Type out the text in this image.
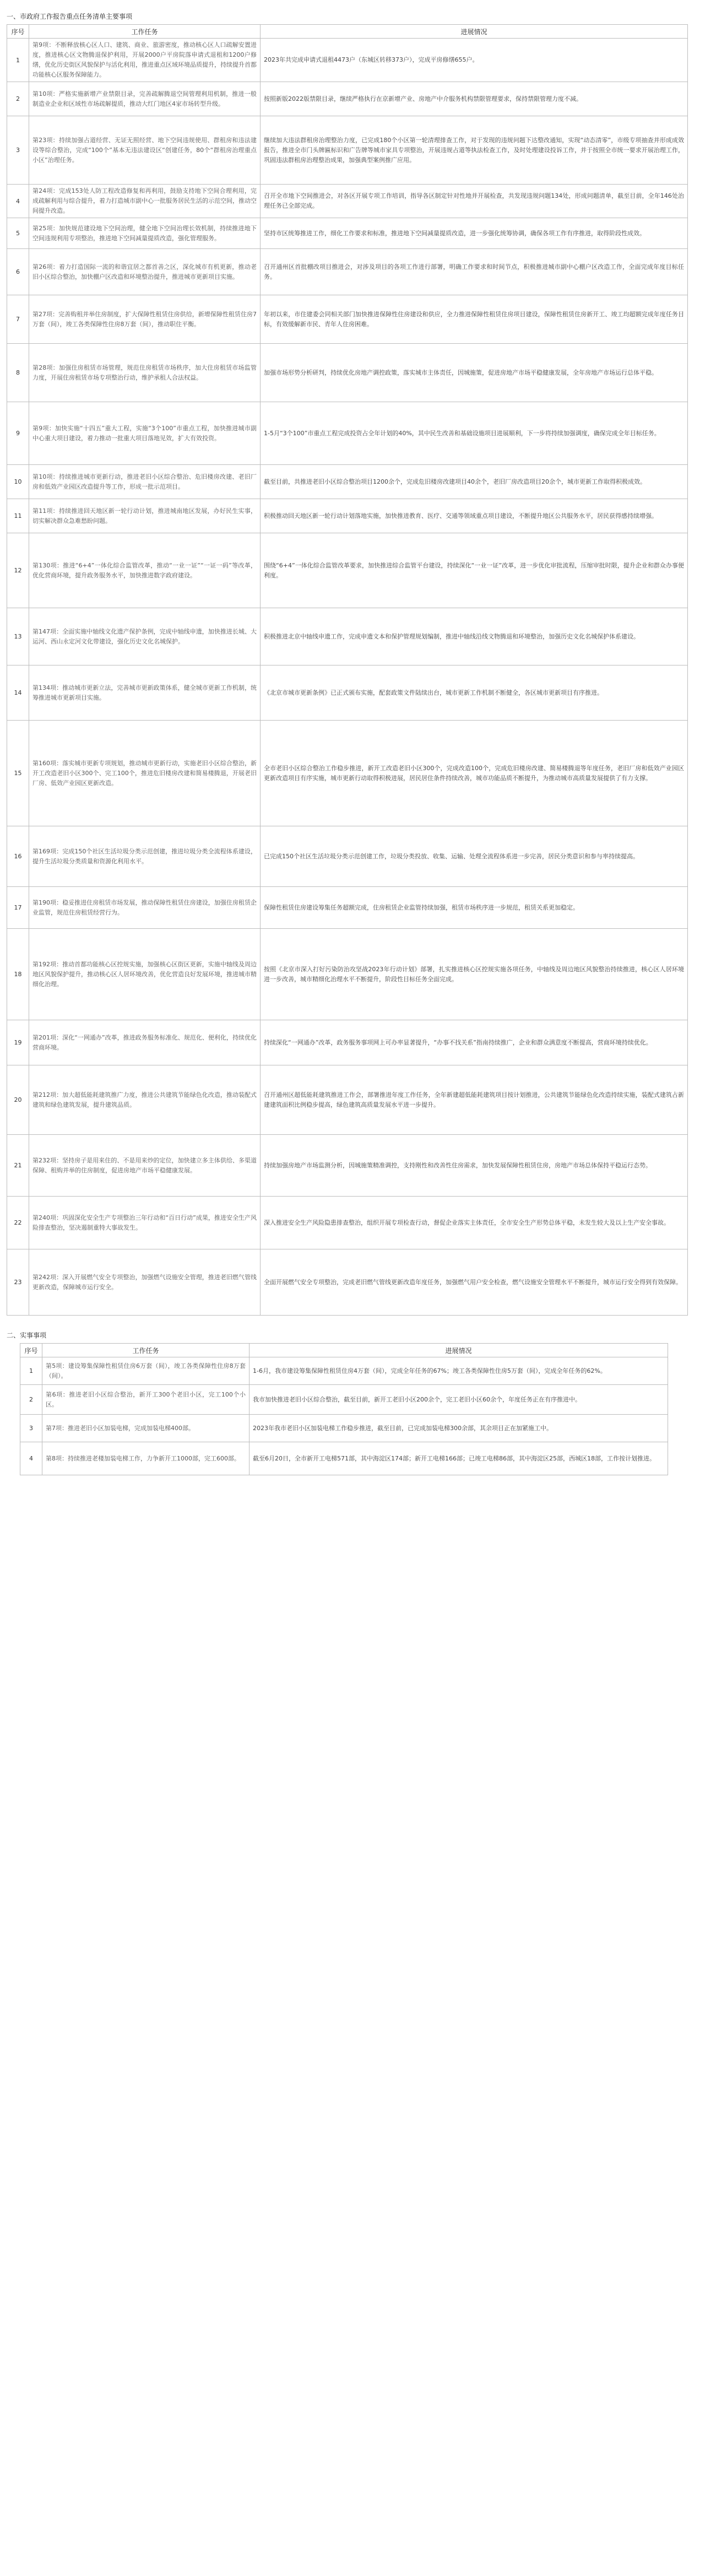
一、市政府工作报告重点任务清单主要事项
序号	工作任务	进展情况
1	第9项：不断释放核心区人口、建筑、商业、旅游密度，推动核心区人口疏解安置进度，推进核心区文物腾退保护利用，开展2000户平房院落申请式退租和1200户修缮，优化历史街区风貌保护与活化利用，推进重点区域环境品质提升，持续提升首都功能核心区服务保障能力。	2023年共完成申请式退租4473户（东城区转移373户），完成平房修缮655户。
2	第10项：严格实施新增产业禁限目录，完善疏解腾退空间管理利用机制，推进一般制造业企业和区域性市场疏解提质，推动大红门地区4家市场转型升级。	按照新版2022版禁限目录，继续严格执行在京新增产业、房地产中介服务机构禁限管理要求，保持禁限管理力度不减。
3	第23项：持续加强占道经营、无证无照经营、地下空间违规使用、群租房和违法建设等综合整治，完成“100个”基本无违法建设区“创建任务，80个“群租房治理重点小区”治理任务。	继续加大违法群租房治理整治力度，已完成180个小区第一轮清理排查工作，对于发现的违规问题下达整改通知，实现“动态清零”，市级专项抽查并形成成效报告，推进全市门头牌匾标识和广告牌等城市家具专项整治，开展违规占道等执法检查工作，及时处理建设投诉工作，并于按照全市统一要求开展治理工作，巩固违法群租房治理整治成果，加强典型案例推广应用。
4	第24项：完成153处人防工程改造修复和再利用，鼓励支持地下空间合理利用，完成疏解利用与综合提升，着力打造城市副中心一批服务居民生活的示范空间，推动空间提升改造。	召开全市地下空间推进会，对各区开展专项工作培训，指导各区制定针对性地并开展检查，共发现违规问题134处，形成问题清单，截至目前，全年146处治理任务已全部完成。
5	第25项：加快规范建设地下空间治理，健全地下空间治理长效机制，持续推进地下空间违规利用专项整治，推进地下空间减量提质改造，强化管理服务。	坚持市区统筹推进工作，细化工作要求和标准，推进地下空间减量提质改造，进一步强化统筹协调，确保各项工作有序推进，取得阶段性成效。
6	第26项：着力打造国际一流的和谐宜居之都首善之区，深化城市有机更新，推动老旧小区综合整治，加快棚户区改造和环境整治提升，推进城市更新项目实施。	召开通州区首批棚改项目推进会，对涉及项目的各项工作进行部署，明确工作要求和时间节点，积极推进城市副中心棚户区改造工作，全面完成年度目标任务。
7	第27项：完善购租并举住房制度，扩大保障性租赁住房供给，新增保障性租赁住房7万套（间），竣工各类保障性住房8万套（间），推动职住平衡。	年初以来，市住建委会同相关部门加快推进保障性住房建设和供应，全力推进保障性租赁住房项目建设，保障性租赁住房新开工、竣工均超额完成年度任务目标，有效缓解新市民、青年人住房困难。
8	第28项：加强住房租赁市场管理，规范住房租赁市场秩序，加大住房租赁市场监管力度，开展住房租赁市场专项整治行动，维护承租人合法权益。	加强市场形势分析研判，持续优化房地产调控政策，落实城市主体责任，因城施策，促进房地产市场平稳健康发展，全年房地产市场运行总体平稳。
9	第9项：加快实施“十四五”重大工程，实施“3个100”市重点工程，加快推进城市副中心重大项目建设，着力推动一批重大项目落地见效，扩大有效投资。	1-5月“3个100”市重点工程完成投资占全年计划的40%，其中民生改善和基础设施项目进展顺利，下一步将持续加强调度，确保完成全年目标任务。
10	第10项：持续推进城市更新行动，推进老旧小区综合整治、危旧楼房改建、老旧厂房和低效产业园区改造提升等工作，形成一批示范项目。	截至目前，共推进老旧小区综合整治项目1200余个，完成危旧楼房改建项目40余个，老旧厂房改造项目20余个，城市更新工作取得积极成效。
11	第11项：持续推进回天地区新一轮行动计划，推进城南地区发展，办好民生实事，切实解决群众急难愁盼问题。	积极推动回天地区新一轮行动计划落地实施，加快推进教育、医疗、交通等领域重点项目建设，不断提升地区公共服务水平，居民获得感持续增强。
12	第130项：推进“6+4”一体化综合监管改革，推动“一业一证”“一证一码”等改革，优化营商环境，提升政务服务水平，加快推进数字政府建设。	围绕“6+4”一体化综合监管改革要求，加快推进综合监管平台建设，持续深化“一业一证”改革，进一步优化审批流程，压缩审批时限，提升企业和群众办事便利度。
13	第147项：全面实施中轴线文化遗产保护条例，完成中轴线申遗，加快推进长城、大运河、西山永定河文化带建设，强化历史文化名城保护。	积极推进北京中轴线申遗工作，完成申遗文本和保护管理规划编制，推进中轴线沿线文物腾退和环境整治，加强历史文化名城保护体系建设。
14	第134项：推动城市更新立法，完善城市更新政策体系，健全城市更新工作机制，统筹推进城市更新项目实施。	《北京市城市更新条例》已正式颁布实施，配套政策文件陆续出台，城市更新工作机制不断健全，各区城市更新项目有序推进。
15	第160项：落实城市更新专项规划，推动城市更新行动，实施老旧小区综合整治，新开工改造老旧小区300个、完工100个，推进危旧楼房改建和简易楼腾退，开展老旧厂房、低效产业园区更新改造。	全市老旧小区综合整治工作稳步推进，新开工改造老旧小区300个，完成改造100个，完成危旧楼房改建、简易楼腾退等年度任务，老旧厂房和低效产业园区更新改造项目有序实施，城市更新行动取得积极进展，居民居住条件持续改善，城市功能品质不断提升，为推动城市高质量发展提供了有力支撑。
16	第169项：完成150个社区生活垃圾分类示范创建，推进垃圾分类全流程体系建设，提升生活垃圾分类质量和资源化利用水平。	已完成150个社区生活垃圾分类示范创建工作，垃圾分类投放、收集、运输、处理全流程体系进一步完善，居民分类意识和参与率持续提高。
17	第190项：稳妥推进住房租赁市场发展，推动保障性租赁住房建设，加强住房租赁企业监管，规范住房租赁经营行为。	保障性租赁住房建设筹集任务超额完成，住房租赁企业监管持续加强，租赁市场秩序进一步规范，租赁关系更加稳定。
18	第192项：推动首都功能核心区控规实施，加强核心区街区更新，实施中轴线及周边地区风貌保护提升，推动核心区人居环境改善，优化营造良好发展环境，推进城市精细化治理。	按照《北京市深入打好污染防治攻坚战2023年行动计划》部署，扎实推进核心区控规实施各项任务，中轴线及周边地区风貌整治持续推进，核心区人居环境进一步改善，城市精细化治理水平不断提升，阶段性目标任务全面完成。
19	第201项：深化“一网通办”改革，推进政务服务标准化、规范化、便利化，持续优化营商环境。	持续深化“一网通办”改革，政务服务事项网上可办率显著提升，“办事不找关系”指南持续推广，企业和群众满意度不断提高，营商环境持续优化。
20	第212项：加大超低能耗建筑推广力度，推进公共建筑节能绿色化改造，推动装配式建筑和绿色建筑发展，提升建筑品质。	召开通州区超低能耗建筑推进工作会，部署推进年度工作任务，全年新建超低能耗建筑项目按计划推进，公共建筑节能绿色化改造持续实施，装配式建筑占新建建筑面积比例稳步提高，绿色建筑高质量发展水平进一步提升。
21	第232项：坚持房子是用来住的、不是用来炒的定位，加快建立多主体供给、多渠道保障、租购并举的住房制度，促进房地产市场平稳健康发展。	持续加强房地产市场监测分析，因城施策精准调控，支持刚性和改善性住房需求，加快发展保障性租赁住房，房地产市场总体保持平稳运行态势。
22	第240项：巩固深化安全生产专项整治三年行动和“百日行动”成果，推进安全生产风险排查整治，坚决遏制重特大事故发生。	深入推进安全生产风险隐患排查整治，组织开展专项检查行动，督促企业落实主体责任，全市安全生产形势总体平稳，未发生较大及以上生产安全事故。
23	第242项：深入开展燃气安全专项整治，加强燃气设施安全管理，推进老旧燃气管线更新改造，保障城市运行安全。	全面开展燃气安全专项整治，完成老旧燃气管线更新改造年度任务，加强燃气用户安全检查，燃气设施安全管理水平不断提升，城市运行安全得到有效保障。
二、实事事项
序号	工作任务	进展情况
1	第5项：建设筹集保障性租赁住房6万套（间），竣工各类保障性住房8万套（间）。	1-6月，我市建设筹集保障性租赁住房4万套（间），完成全年任务的67%；竣工各类保障性住房5万套（间），完成全年任务的62%。
2	第6项：推进老旧小区综合整治，新开工300个老旧小区，完工100个小区。	我市加快推进老旧小区综合整治，截至目前，新开工老旧小区200余个，完工老旧小区60余个，年度任务正在有序推进中。
3	第7项：推进老旧小区加装电梯，完成加装电梯400部。	2023年我市老旧小区加装电梯工作稳步推进，截至目前，已完成加装电梯300余部，其余项目正在加紧施工中。
4	第8项：持续推进老楼加装电梯工作，力争新开工1000部，完工600部。	截至6月20日，全市新开工电梯571部，其中海淀区174部；新开工电梯166部；已竣工电梯86部，其中海淀区25部，西城区18部，工作按计划推进。
